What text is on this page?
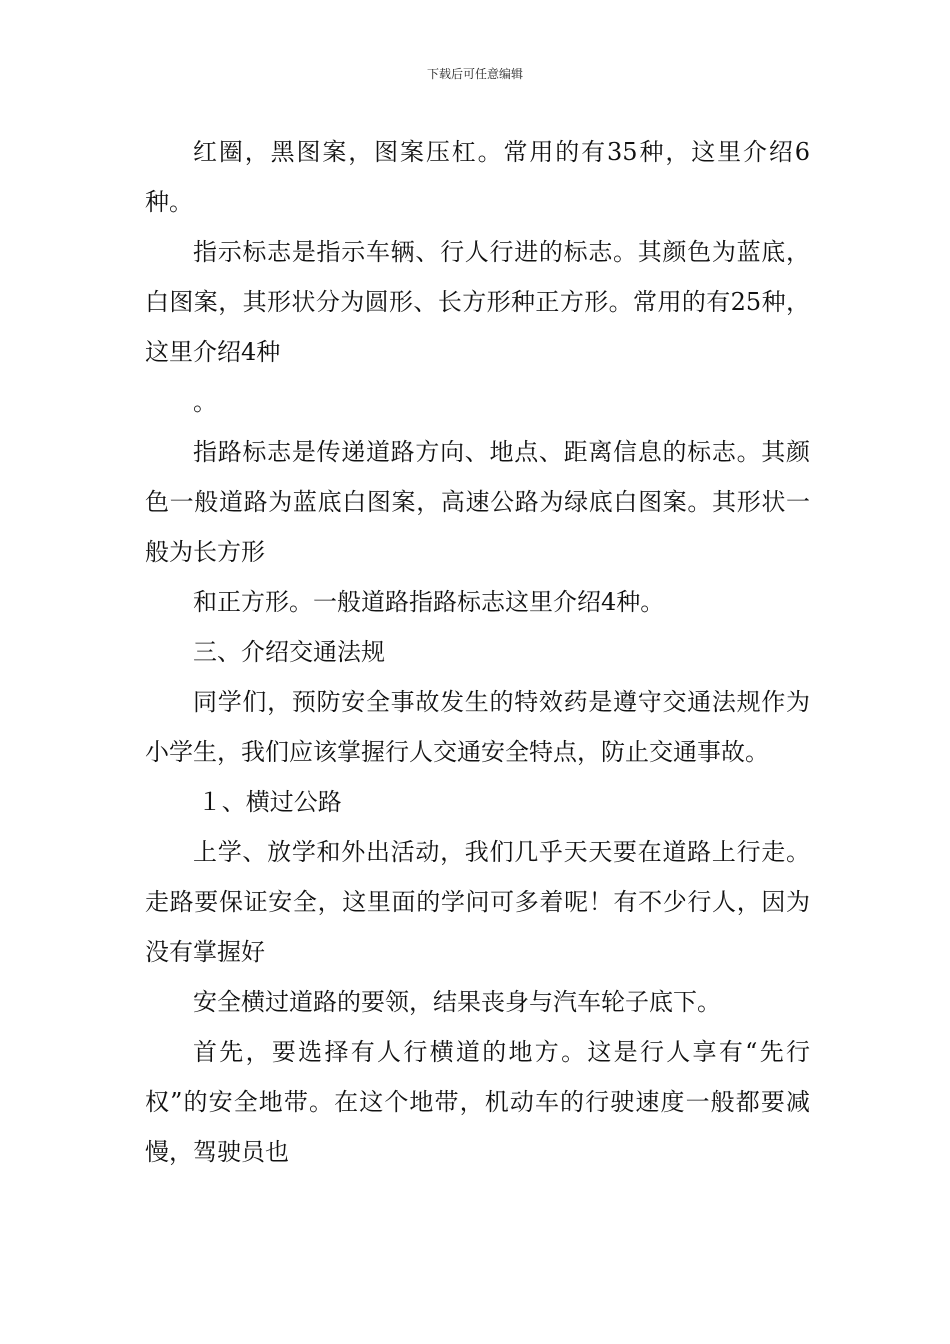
下载后可任意编辑

红圈，黑图案，图案压杠。常用的有35种，这里介绍6种。

指示标志是指示车辆、行人行进的标志。其颜色为蓝底，白图案，其形状分为圆形、长方形种正方形。常用的有25种，这里介绍4种

。

指路标志是传递道路方向、地点、距离信息的标志。其颜色一般道路为蓝底白图案，高速公路为绿底白图案。其形状一般为长方形

和正方形。一般道路指路标志这里介绍4种。

三、介绍交通法规

同学们，预防安全事故发生的特效药是遵守交通法规作为小学生，我们应该掌握行人交通安全特点，防止交通事故。

１、横过公路

上学、放学和外出活动，我们几乎天天要在道路上行走。走路要保证安全，这里面的学问可多着呢！有不少行人，因为没有掌握好

安全横过道路的要领，结果丧身与汽车轮子底下。

首先，要选择有人行横道的地方。这是行人享有“先行权”的安全地带。在这个地带，机动车的行驶速度一般都要减慢，驾驶员也
